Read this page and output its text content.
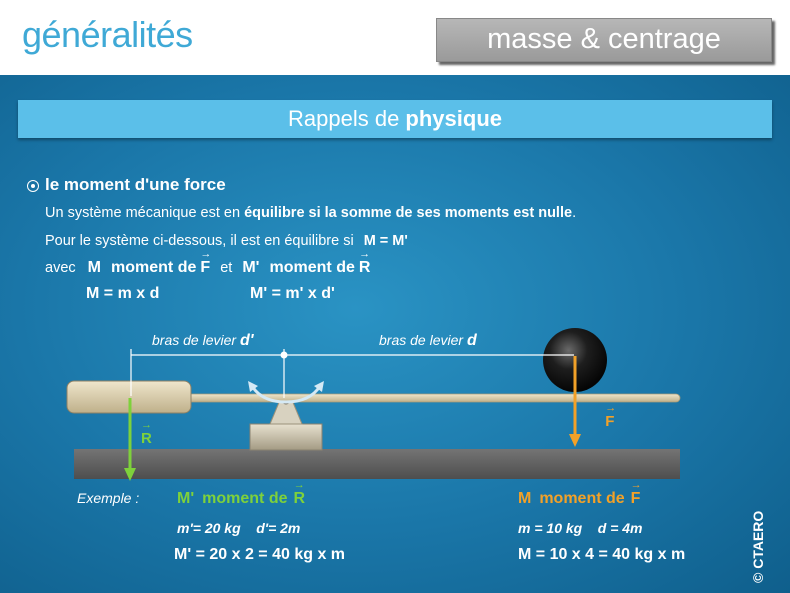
généralités	masse & centrage
Rappels de physique
le moment d'une force
Un système mécanique est en équilibre si la somme de ses moments est nulle.
Pour le système ci-dessous, il est en équilibre si M = M'
avec M moment de → F et M' moment de → R
M = m x d	M' = m' x d'
bras de levier d'	bras de levier d
→ R → F
Exemple : M' moment de → R
m'= 20 kg    d'= 2m
M' = 20 x 2 = 40 kg x m
M moment de → F
m = 10 kg    d = 4m
M = 10 x 4 = 40 kg x m	© CTAERO
